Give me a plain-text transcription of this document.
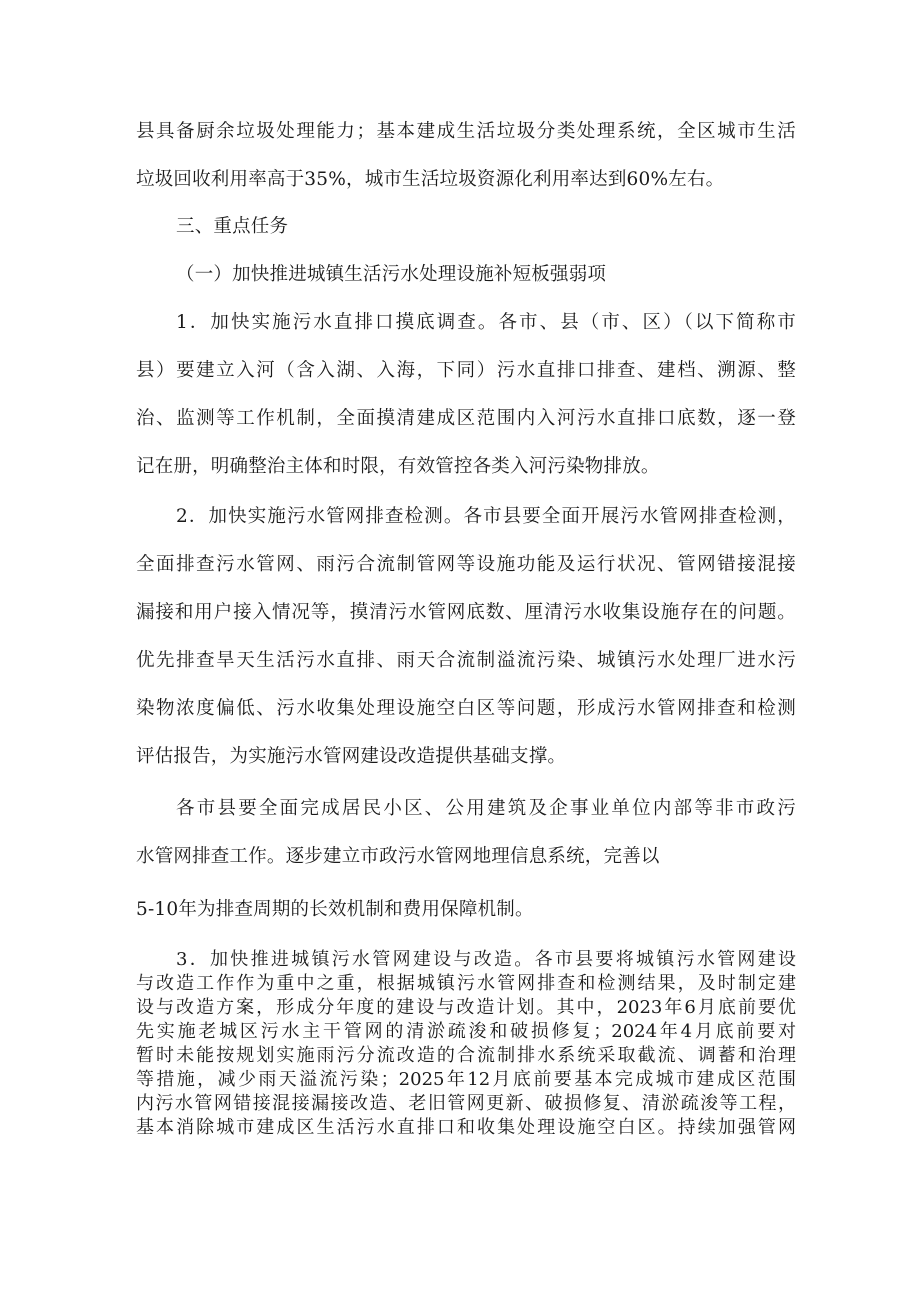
县具备厨余垃圾处理能力；基本建成生活垃圾分类处理系统，全区城市生活
垃圾回收利用率高于35%，城市生活垃圾资源化利用率达到60%左右。
三、重点任务
（一）加快推进城镇生活污水处理设施补短板强弱项
1．加快实施污水直排口摸底调查。各市、县（市、区）（以下简称市
县）要建立入河（含入湖、入海，下同）污水直排口排查、建档、溯源、整
治、监测等工作机制，全面摸清建成区范围内入河污水直排口底数，逐一登
记在册，明确整治主体和时限，有效管控各类入河污染物排放。
2．加快实施污水管网排查检测。各市县要全面开展污水管网排查检测，
全面排查污水管网、雨污合流制管网等设施功能及运行状况、管网错接混接
漏接和用户接入情况等，摸清污水管网底数、厘清污水收集设施存在的问题。
优先排查旱天生活污水直排、雨天合流制溢流污染、城镇污水处理厂进水污
染物浓度偏低、污水收集处理设施空白区等问题，形成污水管网排查和检测
评估报告，为实施污水管网建设改造提供基础支撑。
各市县要全面完成居民小区、公用建筑及企事业单位内部等非市政污
水管网排查工作。逐步建立市政污水管网地理信息系统，完善以
5-10年为排查周期的长效机制和费用保障机制。
3．加快推进城镇污水管网建设与改造。各市县要将城镇污水管网建设
与改造工作作为重中之重，根据城镇污水管网排查和检测结果，及时制定建
设与改造方案，形成分年度的建设与改造计划。其中，2023年6月底前要优
先实施老城区污水主干管网的清淤疏浚和破损修复；2024年4月底前要对
暂时未能按规划实施雨污分流改造的合流制排水系统采取截流、调蓄和治理
等措施，减少雨天溢流污染；2025年12月底前要基本完成城市建成区范围
内污水管网错接混接漏接改造、老旧管网更新、破损修复、清淤疏浚等工程，
基本消除城市建成区生活污水直排口和收集处理设施空白区。持续加强管网
